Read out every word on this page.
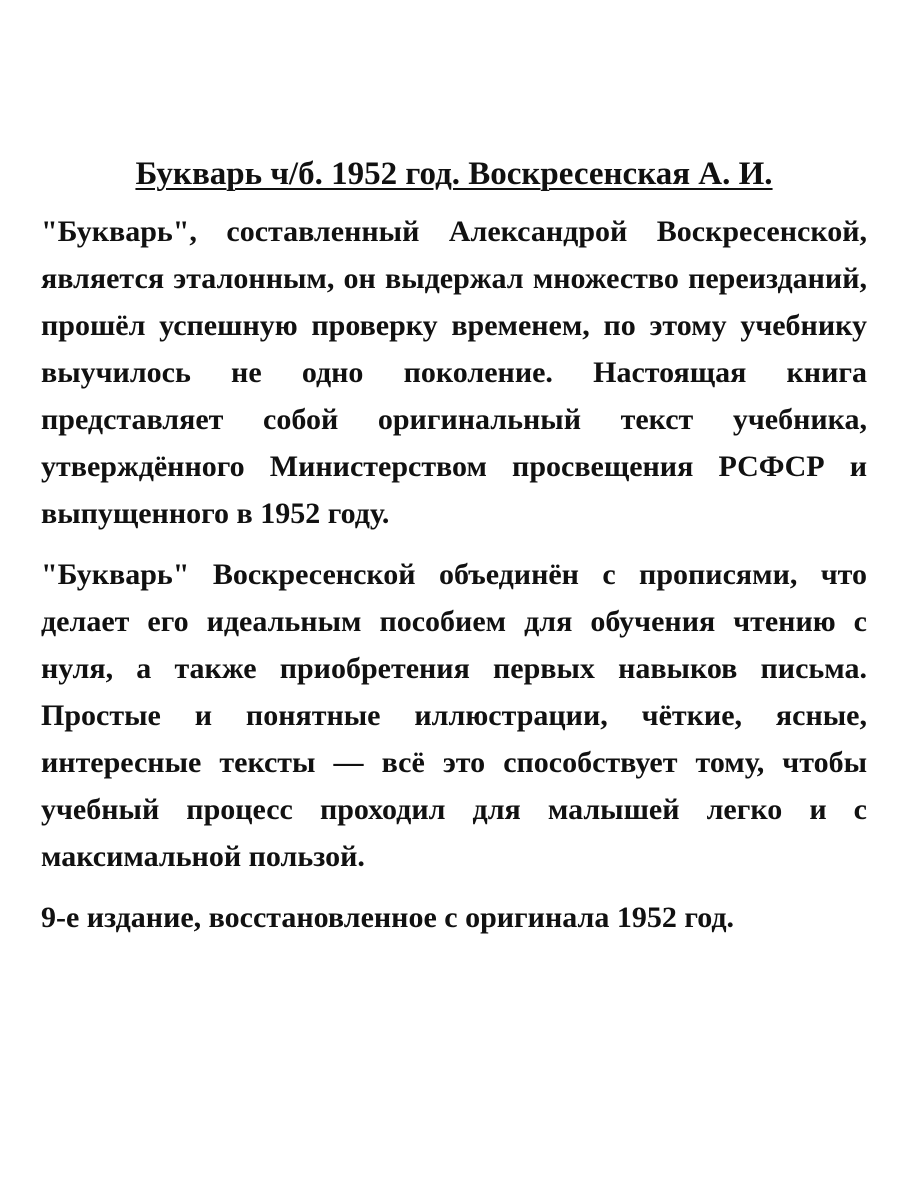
Букварь ч/б. 1952 год. Воскресенская А. И.

"Букварь", составленный Александрой Воскресенской, является эталонным, он выдержал множество переизданий, прошёл успешную проверку временем, по этому учебнику выучилось не одно поколение. Настоящая книга представляет собой оригинальный текст учебника, утверждённого Министерством просвещения РСФСР и выпущенного в 1952 году.

"Букварь" Воскресенской объединён с прописями, что делает его идеальным пособием для обучения чтению с нуля, а также приобретения первых навыков письма. Простые и понятные иллюстрации, чёткие, ясные, интересные тексты — всё это способствует тому, чтобы учебный процесс проходил для малышей легко и с максимальной пользой.

9-е издание, восстановленное с оригинала 1952 год.
